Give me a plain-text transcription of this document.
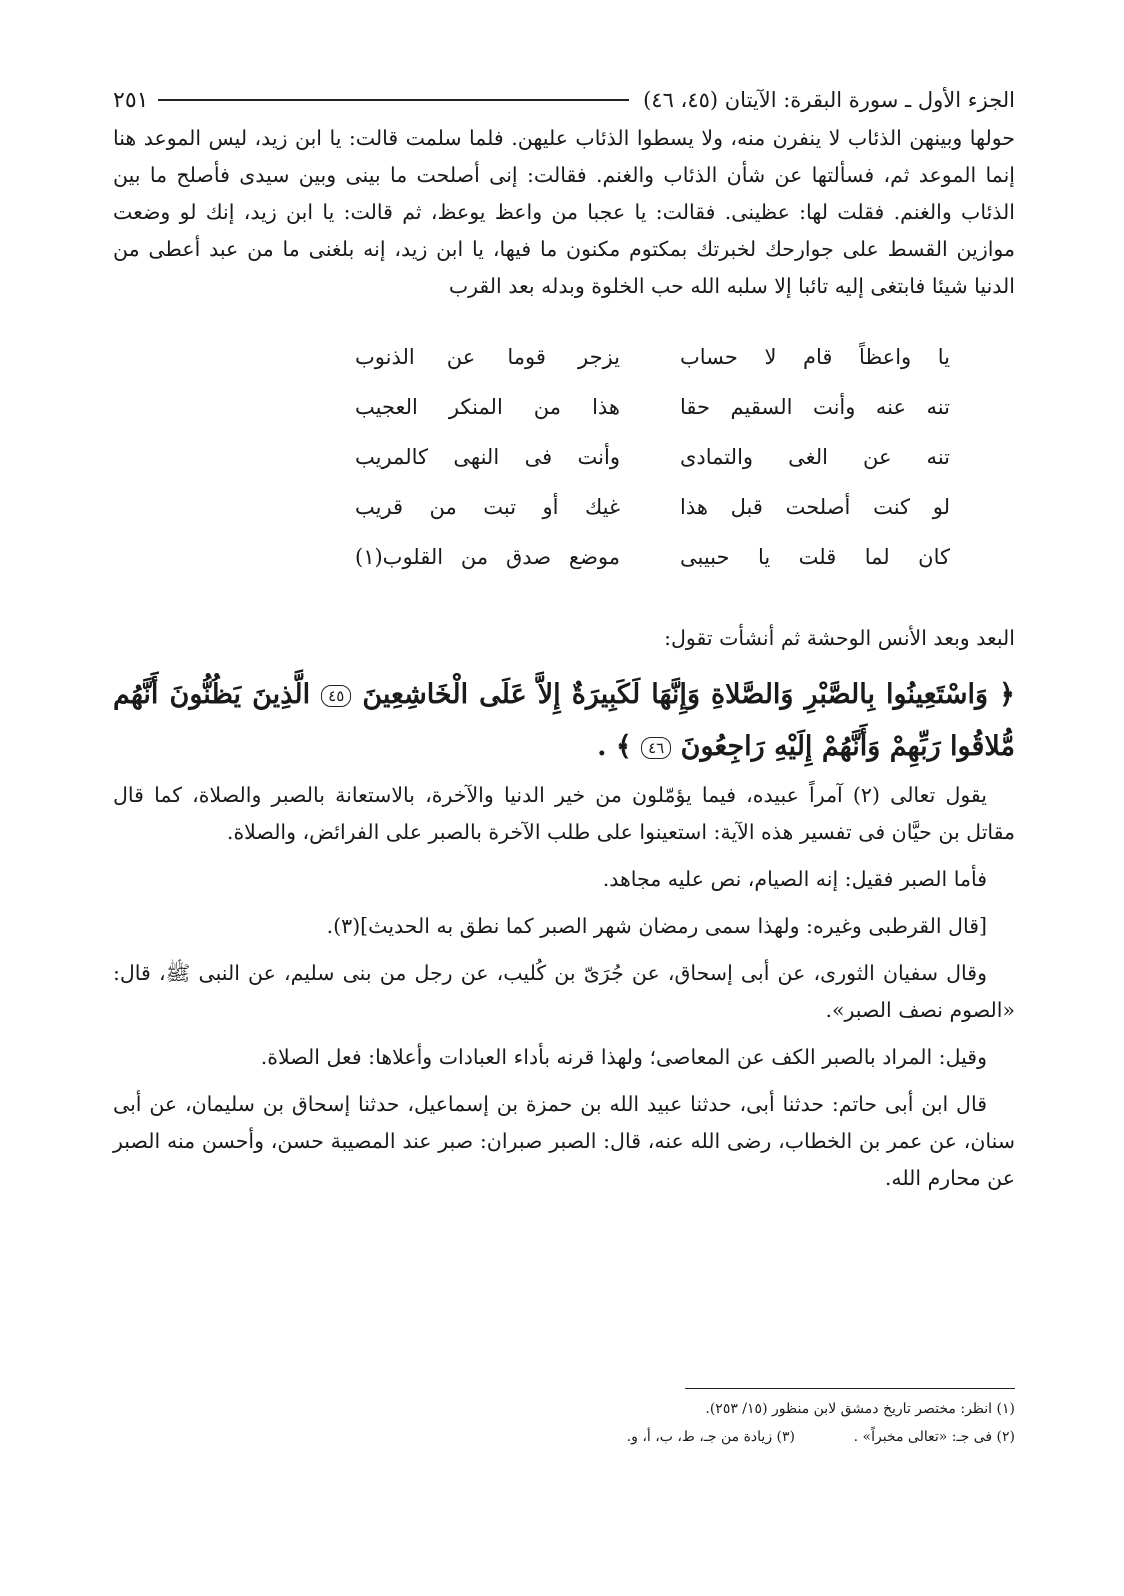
الجزء الأول ـ سورة البقرة: الآيتان (٤٥، ٤٦)
٢٥١

حولها وبينهن الذئاب لا ينفرن منه، ولا يسطوا الذئاب عليهن. فلما سلمت قالت: يا ابن زيد، ليس الموعد هنا إنما الموعد ثم، فسألتها عن شأن الذئاب والغنم. فقالت: إنى أصلحت ما بينى وبين سيدى فأصلح ما بين الذئاب والغنم. فقلت لها: عظينى. فقالت: يا عجبا من واعظ يوعظ، ثم قالت: يا ابن زيد، إنك لو وضعت موازين القسط على جوارحك لخبرتك بمكتوم مكنون ما فيها، يا ابن زيد، إنه بلغنى ما من عبد أعطى من الدنيا شيئا فابتغى إليه تائبا إلا سلبه الله حب الخلوة وبدله بعد القرب

يا واعظاً قام لا حساب
يزجر قوما عن الذنوب
تنه عنه وأنت السقيم حقا
هذا من المنكر العجيب
تنه عن الغى والتمادى
وأنت فى النهى كالمريب
لو كنت أصلحت قبل هذا
غيك أو تبت من قريب
كان لما قلت يا حبيبى
موضع صدق من القلوب(١)

البعد وبعد الأنس الوحشة ثم أنشأت تقول:

﴿ وَاسْتَعِينُوا بِالصَّبْرِ وَالصَّلاةِ وَإِنَّهَا لَكَبِيرَةٌ إِلاَّ عَلَى الْخَاشِعِينَ ٤٥ الَّذِينَ يَظُنُّونَ أَنَّهُم مُّلاقُوا رَبِّهِمْ وَأَنَّهُمْ إِلَيْهِ رَاجِعُونَ ٤٦ ﴾ .

يقول تعالى (٢) آمراً عبيده، فيما يؤمّلون من خير الدنيا والآخرة، بالاستعانة بالصبر والصلاة، كما قال مقاتل بن حيَّان فى تفسير هذه الآية: استعينوا على طلب الآخرة بالصبر على الفرائض، والصلاة.

فأما الصبر فقيل: إنه الصيام، نص عليه مجاهد.

[قال القرطبى وغيره: ولهذا سمى رمضان شهر الصبر كما نطق به الحديث](٣).

وقال سفيان الثورى، عن أبى إسحاق، عن جُرَىّ بن كُليب، عن رجل من بنى سليم، عن النبى ﷺ، قال: «الصوم نصف الصبر».

وقيل: المراد بالصبر الكف عن المعاصى؛ ولهذا قرنه بأداء العبادات وأعلاها: فعل الصلاة.

قال ابن أبى حاتم: حدثنا أبى، حدثنا عبيد الله بن حمزة بن إسماعيل، حدثنا إسحاق بن سليمان، عن أبى سنان، عن عمر بن الخطاب، رضى الله عنه، قال: الصبر صبران: صبر عند المصيبة حسن، وأحسن منه الصبر عن محارم الله.

(١) انظر: مختصر تاريخ دمشق لابن منظور (١٥/ ٢٥٣).
(٢) فى جـ: «تعالى مخبراً» .
(٣) زيادة من جـ، ط، ب، أ، و.
